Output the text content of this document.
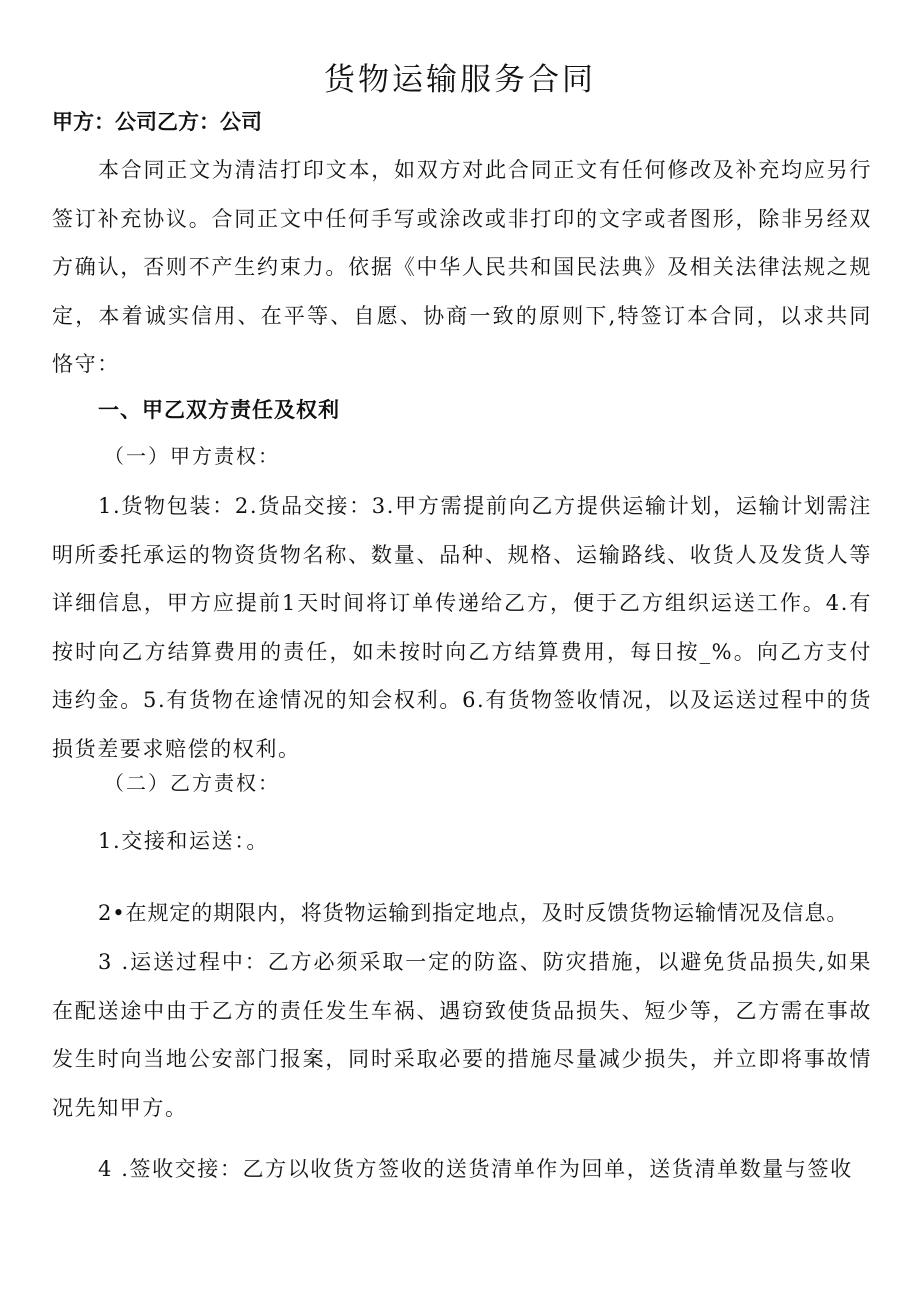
货物运输服务合同
甲方：公司乙方：公司

本合同正文为清洁打印文本，如双方对此合同正文有任何修改及补充均应另行签订补充协议。合同正文中任何手写或涂改或非打印的文字或者图形，除非另经双方确认，否则不产生约束力。依据《中华人民共和国民法典》及相关法律法规之规定，本着诚实信用、在平等、自愿、协商一致的原则下,特签订本合同，以求共同恪守：

一、甲乙双方责任及权利
（一）甲方责权：

1.货物包装：2.货品交接：3.甲方需提前向乙方提供运输计划，运输计划需注明所委托承运的物资货物名称、数量、品种、规格、运输路线、收货人及发货人等详细信息，甲方应提前1天时间将订单传递给乙方，便于乙方组织运送工作。4.有按时向乙方结算费用的责任，如未按时向乙方结算费用，每日按_%。向乙方支付违约金。5.有货物在途情况的知会权利。6.有货物签收情况，以及运送过程中的货损货差要求赔偿的权利。

（二）乙方责权：

1.交接和运送：。

2•在规定的期限内，将货物运输到指定地点，及时反馈货物运输情况及信息。

3 .运送过程中：乙方必须采取一定的防盗、防灾措施，以避免货品损失,如果在配送途中由于乙方的责任发生车祸、遇窃致使货品损失、短少等，乙方需在事故发生时向当地公安部门报案，同时采取必要的措施尽量减少损失，并立即将事故情况先知甲方。

4 .签收交接：乙方以收货方签收的送货清单作为回单，送货清单数量与签收
